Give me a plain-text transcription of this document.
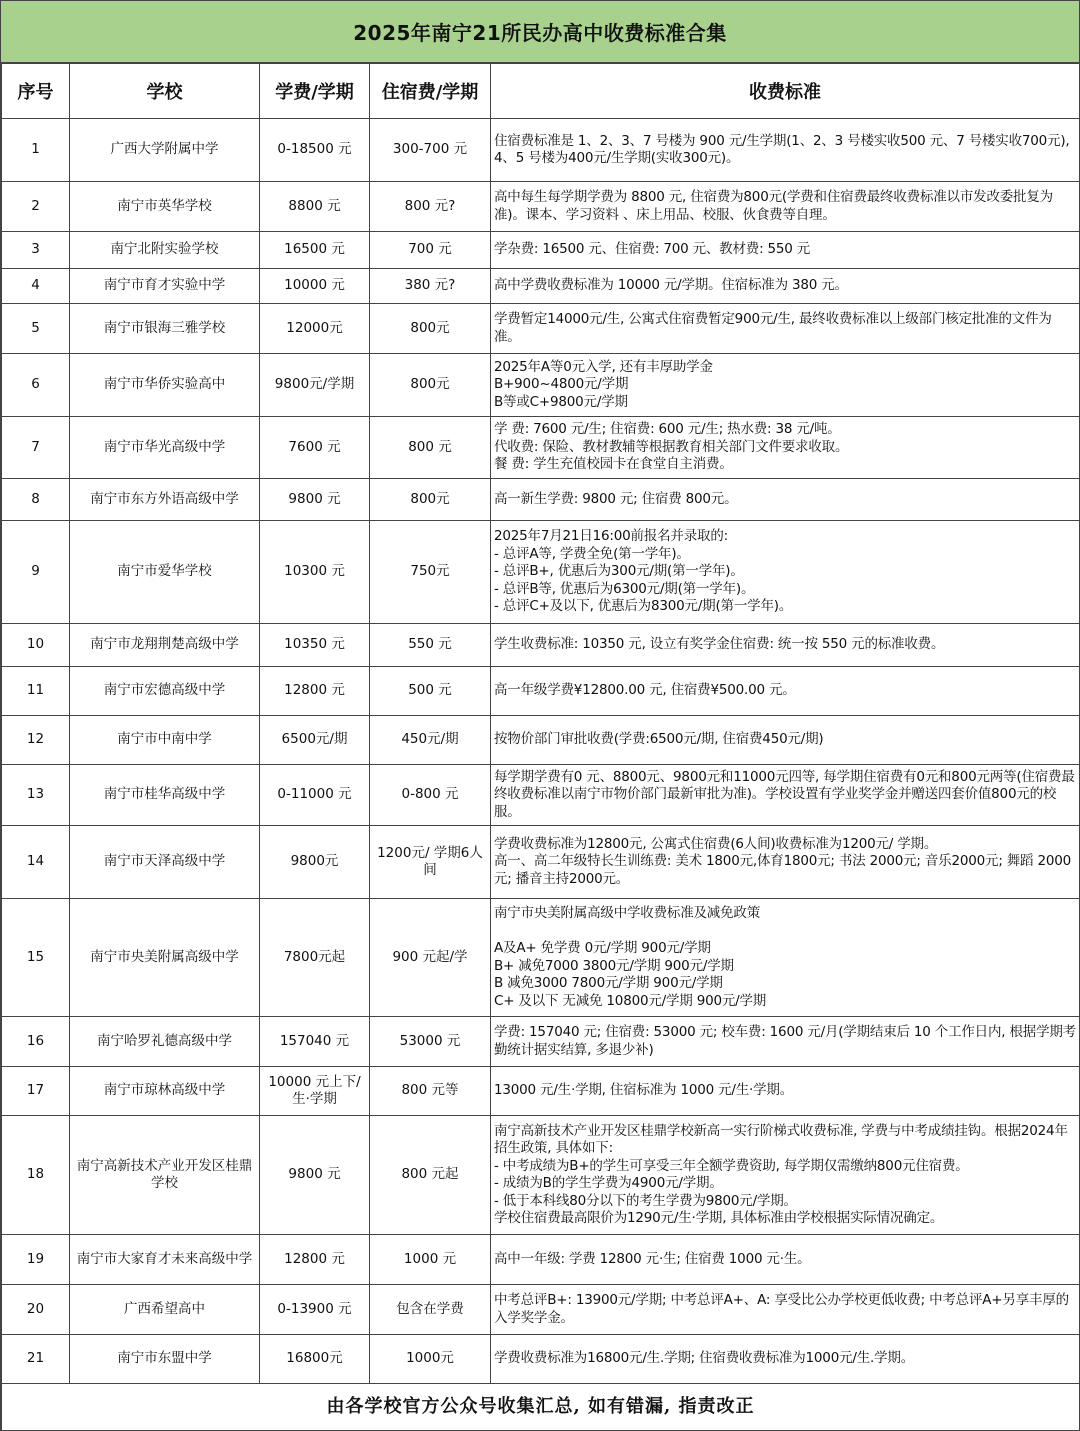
2025年南宁21所民办高中收费标准合集
序号	学校	学费/学期	住宿费/学期	收费标准
1	广西大学附属中学	0-18500 元	300-700 元	住宿费标准是 1、2、3、7 号楼为 900 元/生学期(1、2、3 号楼实收500 元、7 号楼实收700元), 4、5 号楼为400元/生学期(实收300元)。
2	南宁市英华学校	8800 元	800 元?	高中每生每学期学费为 8800 元, 住宿费为800元(学费和住宿费最终收费标准以市发改委批复为准)。课本、学习资料 、床上用品、校服、伙食费等自理。
3	南宁北附实验学校	16500 元	700 元	学杂费: 16500 元、住宿费: 700 元、教材费: 550 元
4	南宁市育才实验中学	10000 元	380 元?	高中学费收费标准为 10000 元/学期。住宿标准为 380 元。
5	南宁市银海三雅学校	12000元	800元	学费暂定14000元/生, 公寓式住宿费暂定900元/生, 最终收费标准以上级部门核定批准的文件为准。
6	南宁市华侨实验高中	9800元/学期	800元	2025年A等0元入学, 还有丰厚助学金
B+900~4800元/学期
B等或C+9800元/学期
7	南宁市华光高级中学	7600 元	800 元	学 费: 7600 元/生; 住宿费: 600 元/生; 热水费: 38 元/吨。
代收费: 保险、教材教辅等根据教育相关部门文件要求收取。
餐 费: 学生充值校园卡在食堂自主消费。
8	南宁市东方外语高级中学	9800 元	800元	高一新生学费: 9800 元; 住宿费 800元。
9	南宁市爱华学校	10300 元	750元	2025年7月21日16:00前报名并录取的:
- 总评A等, 学费全免(第一学年)。
- 总评B+, 优惠后为300元/期(第一学年)。
- 总评B等, 优惠后为6300元/期(第一学年)。
- 总评C+及以下, 优惠后为8300元/期(第一学年)。
10	南宁市龙翔荆楚高级中学	10350 元	550 元	学生收费标准: 10350 元, 设立有奖学金住宿费: 统一按 550 元的标准收费。
11	南宁市宏德高级中学	12800 元	500 元	高一年级学费¥12800.00 元, 住宿费¥500.00 元。
12	南宁市中南中学	6500元/期	450元/期	按物价部门审批收费(学费:6500元/期, 住宿费450元/期)
13	南宁市桂华高级中学	0-11000 元	0-800 元	每学期学费有0 元、8800元、9800元和11000元四等, 每学期住宿费有0元和800元两等(住宿费最终收费标准以南宁市物价部门最新审批为准)。学校设置有学业奖学金并赠送四套价值800元的校服。
14	南宁市天泽高级中学	9800元	1200元/ 学期6人间	学费收费标准为12800元, 公寓式住宿费(6人间)收费标准为1200元/ 学期。
高一、高二年级特长生训练费: 美术 1800元,体育1800元; 书法 2000元; 音乐2000元; 舞蹈 2000元; 播音主持2000元。
15	南宁市央美附属高级中学	7800元起	900 元起/学	南宁市央美附属高级中学收费标准及减免政策

A及A+ 免学费 0元/学期 900元/学期
B+ 减免7000 3800元/学期 900元/学期
B 减免3000 7800元/学期 900元/学期
C+ 及以下 无减免 10800元/学期 900元/学期
16	南宁哈罗礼德高级中学	157040 元	53000 元	学费: 157040 元; 住宿费: 53000 元; 校车费: 1600 元/月(学期结束后 10 个工作日内, 根据学期考勤统计据实结算, 多退少补)
17	南宁市琼林高级中学	10000 元上下/生·学期	800 元等	13000 元/生·学期, 住宿标准为 1000 元/生·学期。
18	南宁高新技术产业开发区桂鼎学校	9800 元	800 元起	南宁高新技术产业开发区桂鼎学校新高一实行阶梯式收费标准, 学费与中考成绩挂钩。根据2024年招生政策, 具体如下:
- 中考成绩为B+的学生可享受三年全额学费资助, 每学期仅需缴纳800元住宿费。
- 成绩为B的学生学费为4900元/学期。
- 低于本科线80分以下的考生学费为9800元/学期。
学校住宿费最高限价为1290元/生·学期, 具体标准由学校根据实际情况确定。
19	南宁市大家育才未来高级中学	12800 元	1000 元	高中一年级: 学费 12800 元·生; 住宿费 1000 元·生。
20	广西希望高中	0-13900 元	包含在学费	中考总评B+: 13900元/学期; 中考总评A+、A: 享受比公办学校更低收费; 中考总评A+另享丰厚的入学奖学金。
21	南宁市东盟中学	16800元	1000元	学费收费标准为16800元/生.学期; 住宿费收费标准为1000元/生.学期。
由各学校官方公众号收集汇总, 如有错漏, 指责改正				
